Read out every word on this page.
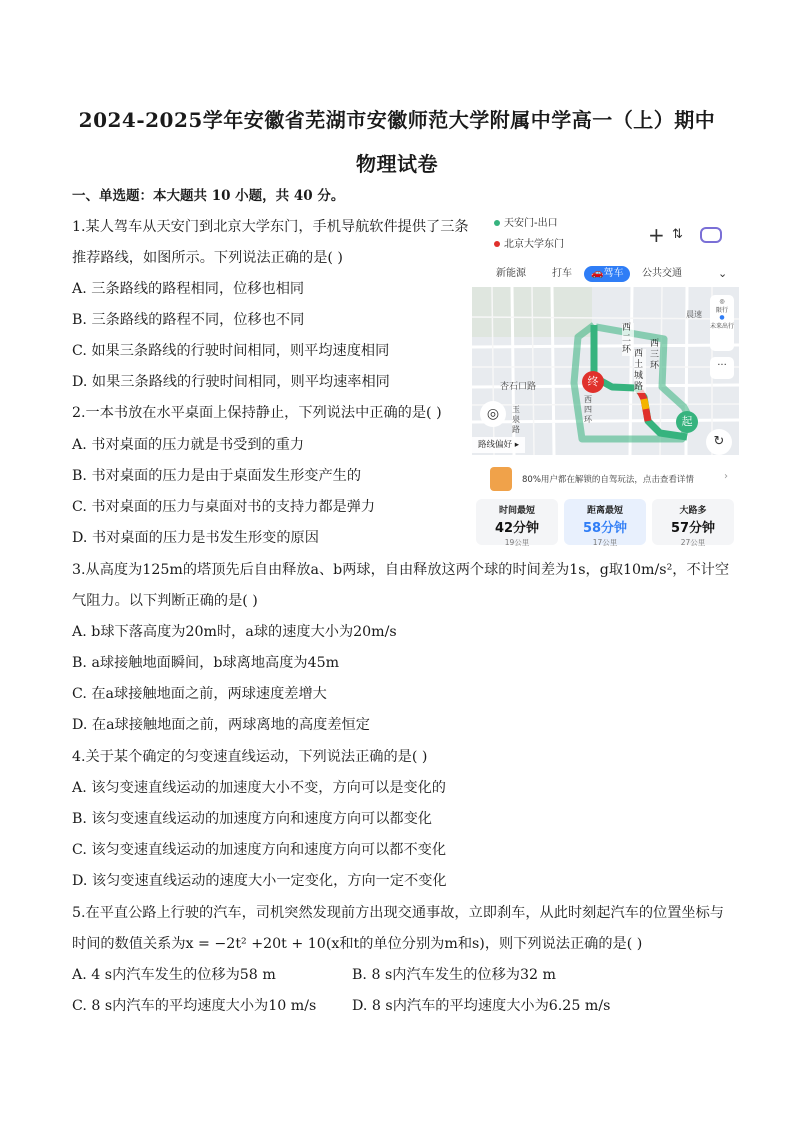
2024-2025学年安徽省芜湖市安徽师范大学附属中学高一（上）期中
物理试卷
一、单选题：本大题共 10 小题，共 40 分。
1.某人驾车从天安门到北京大学东门，手机导航软件提供了三条
推荐路线，如图所示。下列说法正确的是( )
A. 三条路线的路程相同，位移也相同
B. 三条路线的路程不同，位移也不同
C. 如果三条路线的行驶时间相同，则平均速度相同
D. 如果三条路线的行驶时间相同，则平均速率相同
2.一本书放在水平桌面上保持静止，下列说法中正确的是( )
A. 书对桌面的压力就是书受到的重力
B. 书对桌面的压力是由于桌面发生形变产生的
C. 书对桌面的压力与桌面对书的支持力都是弹力
D. 书对桌面的压力是书发生形变的原因
3.从高度为125m的塔顶先后自由释放a、b两球，自由释放这两个球的时间差为1s，g取10m/s²，不计空
气阻力。以下判断正确的是( )
A. b球下落高度为20m时，a球的速度大小为20m/s
B. a球接触地面瞬间，b球离地高度为45m
C. 在a球接触地面之前，两球速度差增大
D. 在a球接触地面之前，两球离地的高度差恒定
4.关于某个确定的匀变速直线运动，下列说法正确的是( )
A. 该匀变速直线运动的加速度大小不变，方向可以是变化的
B. 该匀变速直线运动的加速度方向和速度方向可以都变化
C. 该匀变速直线运动的加速度方向和速度方向可以都不变化
D. 该匀变速直线运动的速度大小一定变化，方向一定不变化
5.在平直公路上行驶的汽车，司机突然发现前方出现交通事故，立即刹车，从此时刻起汽车的位置坐标与
时间的数值关系为x = −2t² +20t + 10(x和t的单位分别为m和s)，则下列说法正确的是( )
A. 4 s内汽车发生的位移为58 m	B. 8 s内汽车发生的位移为32 m
C. 8 s内汽车的平均速度大小为10 m/s	D. 8 s内汽车的平均速度大小为6.25 m/s
天安门-出口
北京大学东门	+ ⇅
新能源	打车	🚗驾车	公共交通	⌄
西二环
西三环
西土城路
西四环
杏石口路
玉泉路
晨速
终
起
◎
限行
●
未来出行
···
◎
↻
路线偏好 ▸
80%用户都在解锁的自驾玩法，点击查看详情	›
时间最短
42分钟
19公里
距离最短
58分钟
17公里
大路多
57分钟
27公里
